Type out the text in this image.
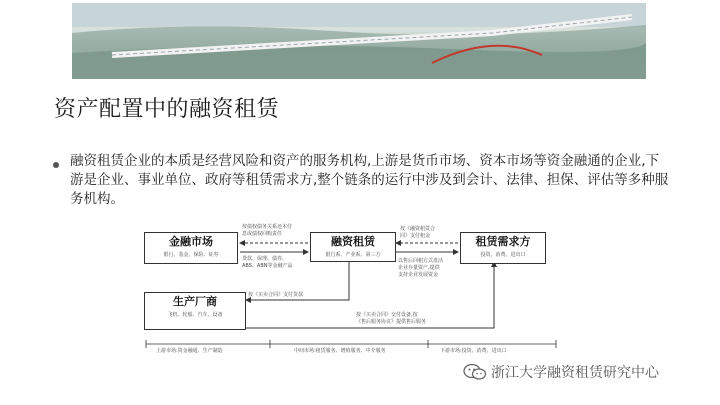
资产配置中的融资租赁
融资租赁企业的本质是经营风险和资产的服务机构,上游是货币市场、资本市场等资金融通的企业,下游是企业、事业单位、政府等租赁需求方,整个链条的运行中涉及到会计、法律、担保、评估等多种服务机构。
金融市场
银行、基金、保险、证券
融资租赁
银行系、产业系、第三方
租赁需求方
投资、消费、进出口
生产厂商
飞机、轮船、汽车、设备
按债权债务关系还本付
息或债权回购责任
贷款、保理、债券、
ABS、ABN等金融产品
按《融资租赁合
同》支付租金
以售后回租方式盘活
企业存量资产,提供
支持企业发展资金
按《买卖合同》支付货款
按《买卖合同》交付设备,按
《售后服务协议》提供售后服务
上游市场:资金融通、生产制造	中间市场:租赁服务、增值服务、中介服务	下游市场:投资、消费、进出口
浙江大学融资租赁研究中心
